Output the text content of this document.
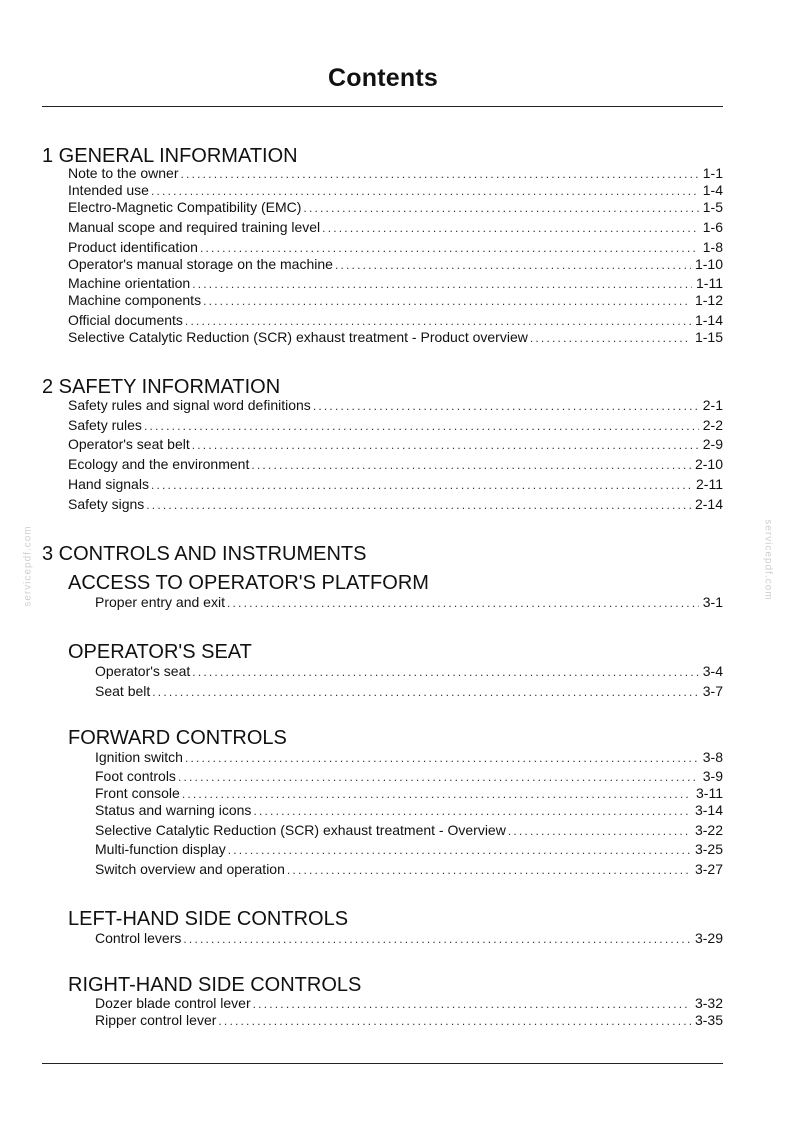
Contents
servicepdf.com	servicepdf.com
1 GENERAL INFORMATION
Note to the owner .....	1-1
Intended use .....	1-4
Electro-Magnetic Compatibility (EMC) .....	1-5
Manual scope and required training level .....	1-6
Product identification .....	1-8
Operator's manual storage on the machine .....	1-10
Machine orientation .....	1-11
Machine components .....	1-12
Official documents .....	1-14
Selective Catalytic Reduction (SCR) exhaust treatment - Product overview .....	1-15
2 SAFETY INFORMATION
Safety rules and signal word definitions .....	2-1
Safety rules .....	2-2
Operator's seat belt .....	2-9
Ecology and the environment .....	2-10
Hand signals .....	2-11
Safety signs .....	2-14
3 CONTROLS AND INSTRUMENTS
ACCESS TO OPERATOR'S PLATFORM
Proper entry and exit .....	3-1
OPERATOR'S SEAT
Operator's seat .....	3-4
Seat belt .....	3-7
FORWARD CONTROLS
Ignition switch .....	3-8
Foot controls .....	3-9
Front console .....	3-11
Status and warning icons .....	3-14
Selective Catalytic Reduction (SCR) exhaust treatment - Overview .....	3-22
Multi-function display .....	3-25
Switch overview and operation .....	3-27
LEFT-HAND SIDE CONTROLS
Control levers .....	3-29
RIGHT-HAND SIDE CONTROLS
Dozer blade control lever .....	3-32
Ripper control lever .....	3-35
